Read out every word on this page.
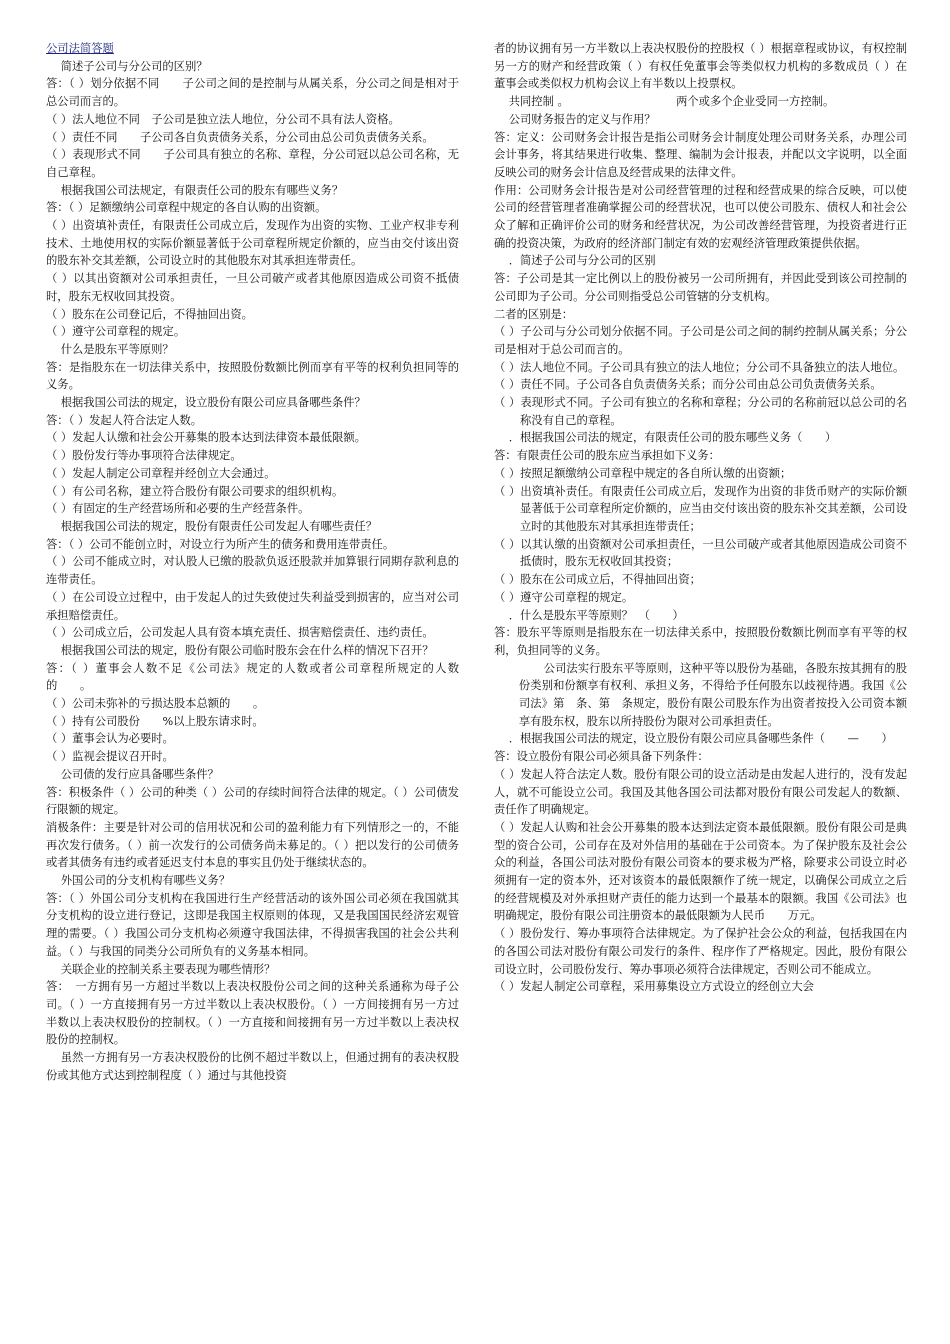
公司法简答题

简述子公司与分公司的区别？

答：（ ）划分依据不同　　子公司之间的是控制与从属关系，分公司之间是相对于总公司而言的。

（ ）法人地位不同　子公司是独立法人地位，分公司不具有法人资格。

（ ）责任不同　　子公司各自负责债务关系，分公司由总公司负责债务关系。

（ ）表现形式不同　　子公司具有独立的名称、章程，分公司冠以总公司名称，无自己章程。

根据我国公司法规定，有限责任公司的股东有哪些义务？

答：（ ）足额缴纳公司章程中规定的各自认购的出资额。

（ ）出资填补责任，有限责任公司成立后，发现作为出资的实物、工业产权非专利技术、土地使用权的实际价额显著低于公司章程所规定价额的，应当由交付该出资的股东补交其差额，公司设立时的其他股东对其承担连带责任。

（ ）以其出资额对公司承担责任，一旦公司破产或者其他原因造成公司资不抵债时，股东无权收回其投资。

（ ）股东在公司登记后，不得抽回出资。

（ ）遵守公司章程的规定。

什么是股东平等原则？

答：是指股东在一切法律关系中，按照股份数额比例而享有平等的权利负担同等的义务。

根据我国公司法的规定，设立股份有限公司应具备哪些条件？

答：（ ）发起人符合法定人数。

（ ）发起人认缴和社会公开募集的股本达到法律资本最低限额。

（ ）股份发行等办事项符合法律规定。

（ ）发起人制定公司章程并经创立大会通过。

（ ）有公司名称，建立符合股份有限公司要求的组织机构。

（ ）有固定的生产经营场所和必要的生产经营条件。

根据我国公司法的规定，股份有限责任公司发起人有哪些责任？

答：（ ）公司不能创立时，对设立行为所产生的债务和费用连带责任。

（ ）公司不能成立时，对认股人已缴的股款负返还股款并加算银行同期存款利息的连带责任。

（ ）在公司设立过程中，由于发起人的过失致使过失利益受到损害的，应当对公司承担赔偿责任。

（ ）公司成立后，公司发起人具有资本填充责任、损害赔偿责任、违约责任。

根据我国公司法的规定，股份有限公司临时股东会在什么样的情况下召开？

答：（ ）董事会人数不足《公司法》规定的人数或者公司章程所规定的人数的　　。

（ ）公司未弥补的亏损达股本总额的　　。

（ ）持有公司股份　　%以上股东请求时。

（ ）董事会认为必要时。

（ ）监视会提议召开时。

公司债的发行应具备哪些条件？

答：积极条件（ ）公司的种类（ ）公司的存续时间符合法律的规定。（ ）公司债发行限额的规定。

消极条件：主要是针对公司的信用状况和公司的盈利能力有下列情形之一的，不能再次发行债务。（ ）前一次发行的公司债务尚未募足的。（ ）把以发行的公司债务或者其债务有违约或者延迟支付本息的事实且仍处于继续状态的。

外国公司的分支机构有哪些义务？

答：（ ）外国公司分支机构在我国进行生产经营活动的该外国公司必须在我国就其分支机构的设立进行登记，这即是我国主权原则的体现，又是我国国民经济宏观管理的需要。（ ）我国公司分支机构必须遵守我国法律，不得损害我国的社会公共利益。（ ）与我国的同类分公司所负有的义务基本相同。

关联企业的控制关系主要表现为哪些情形？

答：　一方拥有另一方超过半数以上表决权股份公司之间的这种关系通称为母子公司。（ ）一方直接拥有另一方过半数以上表决权股份。（ ）一方间接拥有另一方过半数以上表决权股份的控制权。（ ）一方直接和间接拥有另一方过半数以上表决权股份的控制权。

虽然一方拥有另一方表决权股份的比例不超过半数以上，但通过拥有的表决权股份或其他方式达到控制程度（ ）通过与其他投资

者的协议拥有另一方半数以上表决权股份的控股权（ ）根据章程或协议，有权控制另一方的财产和经营政策（ ）有权任免董事会等类似权力机构的多数成员（ ）在董事会或类似权力机构会议上有半数以上投票权。

共同控制 。　　　　　　　　　　两个或多个企业受同一方控制。

公司财务报告的定义与作用？

答：定义：公司财务会计报告是指公司财务会计制度处理公司财务关系，办理公司会计事务，将其结果进行收集、整理、编制为会计报表，并配以文字说明，以全面反映公司的财务会计信息及经营成果的法律文件。

作用：公司财务会计报告是对公司经营管理的过程和经营成果的综合反映，可以使公司的经营管理者准确掌握公司的经营状况，也可以使公司股东、债权人和社会公众了解和正确评价公司的财务和经营状况，为公司改善经营管理，为投资者进行正确的投资决策，为政府的经济部门制定有效的宏观经济管理政策提供依据。

．简述子公司与分公司的区别

答：子公司是其一定比例以上的股份被另一公司所拥有，并因此受到该公司控制的公司即为子公司。分公司则指受总公司管辖的分支机构。

二者的区别是：

（ ）子公司与分公司划分依据不同。子公司是公司之间的制约控制从属关系；分公司是相对于总公司而言的。

（ ）法人地位不同。子公司具有独立的法人地位；分公司不具备独立的法人地位。

（ ）责任不同。子公司各自负责债务关系；而分公司由总公司负责债务关系。

（ ）表现形式不同。子公司有独立的名称和章程；分公司的名称前冠以总公司的名称没有自己的章程。

．根据我国公司法的规定，有限责任公司的股东哪些义务（　　）

答：有限责任公司的股东应当承担如下义务：

（ ）按照足额缴纳公司章程中规定的各自所认缴的出资额；

（ ）出资填补责任。有限责任公司成立后，发现作为出资的非货币财产的实际价额显著低于公司章程所定价额的，应当由交付该出资的股东补交其差额，公司设立时的其他股东对其承担连带责任；

（ ）以其认缴的出资额对公司承担责任，一旦公司破产或者其他原因造成公司资不抵债时，股东无权收回其投资；

（ ）股东在公司成立后，不得抽回出资；

（ ）遵守公司章程的规定。

．什么是股东平等原则？　（　　）

答：股东平等原则是指股东在一切法律关系中，按照股份数额比例而享有平等的权利，负担同等的义务。

公司法实行股东平等原则，这种平等以股份为基础，各股东按其拥有的股份类别和份额享有权利、承担义务，不得给予任何股东以歧视待遇。我国《公司法》第　条、第　条规定，股份有限公司股东作为出资者按投入公司资本额享有股东权，股东以所持股份为限对公司承担责任。

．根据我国公司法的规定，设立股份有限公司应具备哪些条件（　　—　　）

答：设立股份有限公司必须具备下列条件：

（ ）发起人符合法定人数。股份有限公司的设立活动是由发起人进行的，没有发起人，就不可能设立公司。我国及其他各国公司法都对股份有限公司发起人的数额、责任作了明确规定。

（ ）发起人认购和社会公开募集的股本达到法定资本最低限额。股份有限公司是典型的资合公司，公司存在及对外信用的基础在于公司资本。为了保护股东及社会公众的利益，各国公司法对股份有限公司资本的要求极为严格，除要求公司设立时必须拥有一定的资本外，还对该资本的最低限额作了统一规定，以确保公司成立之后的经营规模及对外承担财产责任的能力达到一个最基本的限额。我国《公司法》也明确规定，股份有限公司注册资本的最低限额为人民币　　万元。

（ ）股份发行、筹办事项符合法律规定。为了保护社会公众的利益，包括我国在内的各国公司法对股份有限公司发行的条件、程序作了严格规定。因此，股份有限公司设立时，公司股份发行、筹办事项必须符合法律规定，否则公司不能成立。

（ ）发起人制定公司章程，采用募集设立方式设立的经创立大会
